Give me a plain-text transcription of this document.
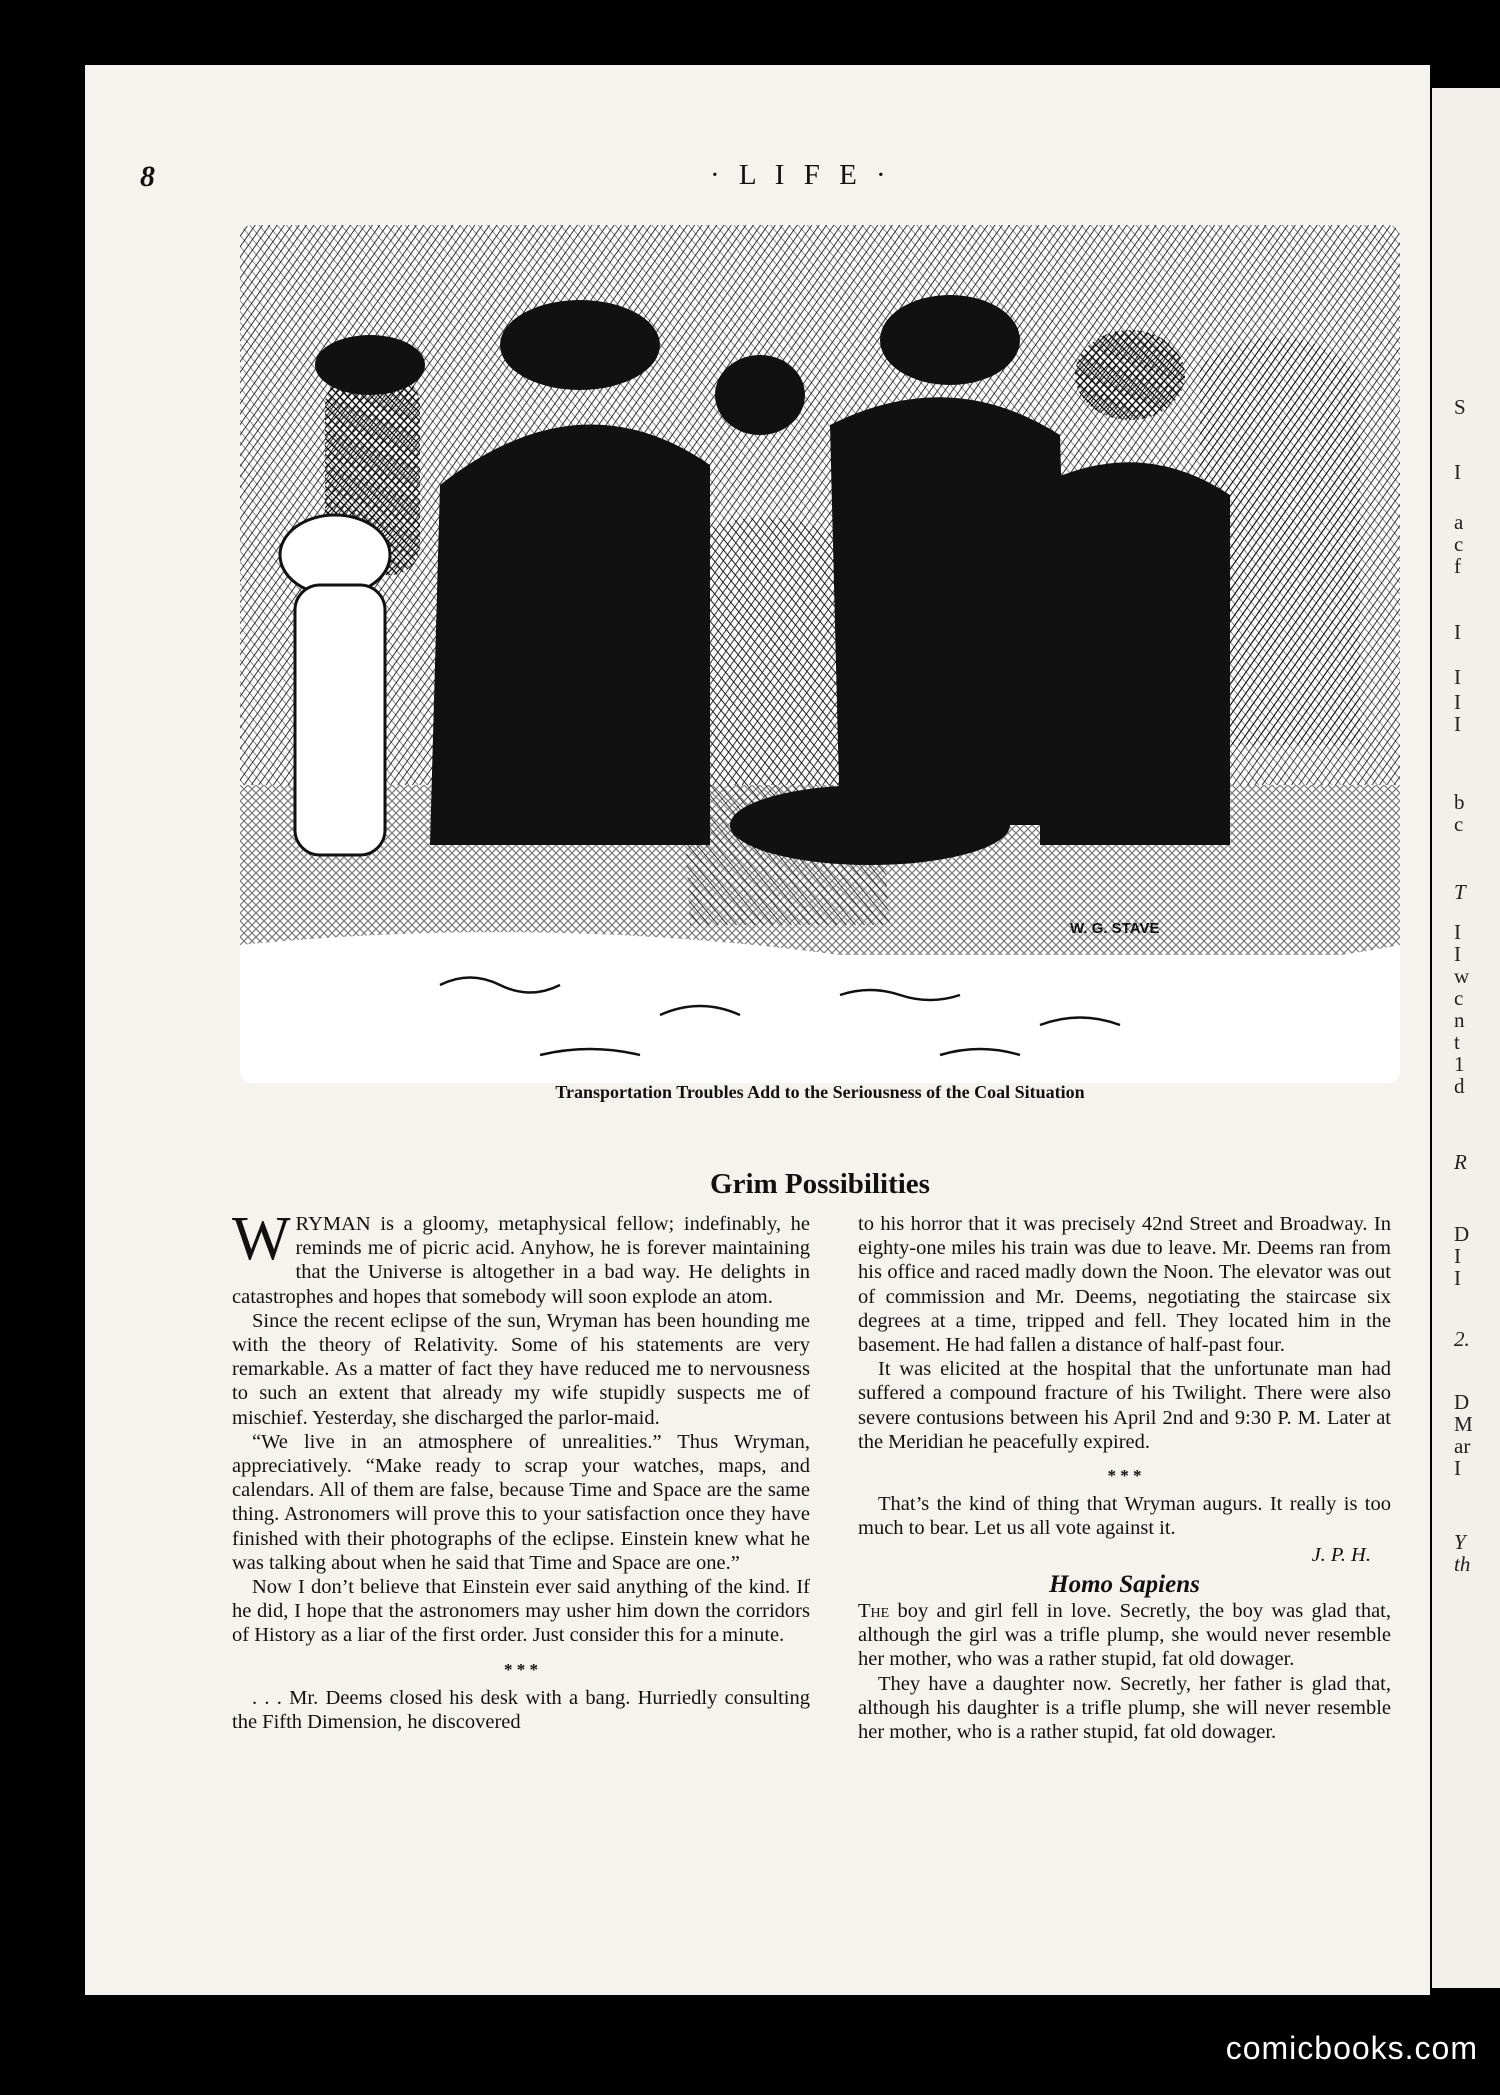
S
I
a
c
f
I
I
I
I
b
c
T
I
I
w
c
n
t
1
d
R
D
I
I
2.
D
M
ar
I
Y
th
8	· L I F E ·
W. G. STAVE
Transportation Troubles Add to the Seriousness of the Coal Situation
Grim Possibilities

WRYMAN is a gloomy, metaphysical fellow; indefinably, he reminds me of picric acid. Anyhow, he is forever maintaining that the Universe is altogether in a bad way. He delights in catastrophes and hopes that somebody will soon explode an atom.

Since the recent eclipse of the sun, Wryman has been hounding me with the theory of Relativity. Some of his statements are very remarkable. As a matter of fact they have reduced me to nervousness to such an extent that already my wife stupidly suspects me of mischief. Yesterday, she discharged the parlor-maid.

“We live in an atmosphere of unrealities.” Thus Wryman, appreciatively. “Make ready to scrap your watches, maps, and calendars. All of them are false, because Time and Space are the same thing. Astronomers will prove this to your satisfaction once they have finished with their photographs of the eclipse. Einstein knew what he was talking about when he said that Time and Space are one.”

Now I don’t believe that Einstein ever said anything of the kind. If he did, I hope that the astronomers may usher him down the corridors of History as a liar of the first order. Just consider this for a minute.

* * *

. . . Mr. Deems closed his desk with a bang. Hurriedly consulting the Fifth Dimension, he discovered

to his horror that it was precisely 42nd Street and Broadway. In eighty-one miles his train was due to leave. Mr. Deems ran from his office and raced madly down the Noon. The elevator was out of commission and Mr. Deems, negotiating the staircase six degrees at a time, tripped and fell. They located him in the basement. He had fallen a distance of half-past four.

It was elicited at the hospital that the unfortunate man had suffered a compound fracture of his Twilight. There were also severe contusions between his April 2nd and 9:30 P. M. Later at the Meridian he peacefully expired.

* * *

That’s the kind of thing that Wryman augurs. It really is too much to bear. Let us all vote against it.

J. P. H.
Homo Sapiens

The boy and girl fell in love. Secretly, the boy was glad that, although the girl was a trifle plump, she would never resemble her mother, who was a rather stupid, fat old dowager.

They have a daughter now. Secretly, her father is glad that, although his daughter is a trifle plump, she will never resemble her mother, who is a rather stupid, fat old dowager.

comicbooks.com
